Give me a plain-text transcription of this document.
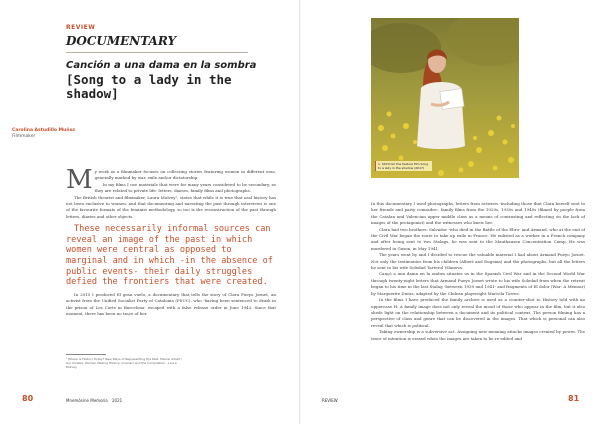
REVIEW
DOCUMENTARY
Canción a una dama en la sombra
[Song to a lady in the shadow]
Carolina Astudillo Muñoz
Filmmaker

My work as a filmmaker focuses on collecting stories featuring women in different eras, generally marked by war, exile and/or dictatorship.

In my films I use materials that were for many years considered to be secondary, as they are related to private life: letters, diaries, family films and photographs.

The British theorist and filmmaker, Laura Mulvey¹, states that while it is true that oral history has not been exclusive to women, and that documenting and narrating the past through interviews is one of the favourite formats of the feminist methodology, so too is the reconstruction of the past through letters, diaries and other objects.

These necessarily informal sources can reveal an image of the past in which women were central as opposed to marginal and in which -in the absence of public events- their daily struggles defied the frontiers that were created.

In 2015 I produced El gran vuelo, a documentary that tells the story of Clara Pueyo Jornet, an activist from the Unified Socialist Party of Catalonia (PSUC), who -having been sentenced to death in the prison of Les Corts in Barcelona- escaped with a false release order in June 1943. Since that moment, there has been no trace of her.

¹ Where Is History Today? New Ways of Representing the Past. Marcel Arbeit / Ian Christie. Women Making History: Gramsci and the Compilation · Laura Mulvey.
80	Mnemòsine Memoria 2021
1. Still from the feature film Song to a lady in the shadow (2017)

In this documentary I used photographs, letters from activists -including those that Clara herself sent to her friends and party comrades-, family films from the 1920s, 1930s and 1940s (filmed by people from the Catalan and Valencian upper middle class as a means of contrasting and reflecting on the lack of images of the protagonist) and the witnesses who knew her.

Clara had two brothers: Salvador -who died in the Battle of the Ebro- and Armand, who at the end of the Civil War began the route to take up exile in France. He enlisted as a worker in a French company and after being sent to two Stalags, he was sent to the Mauthausen Concentration Camp. He was murdered in Gusen, in May 1941.

The years went by and I decided to rescue the valuable material I had about Armand Pueyo Jornet. Not only the testimonies from his children (Albert and Eugenia) and the photographs, but all the letters he sent to his wife Soledad Tarterol Vilanova.

Cançó a una dama en la ombra situates us in the Spanish Civil War and in the Second World War through twenty-eight letters that Armand Pueyo Jornet wrote to his wife Soledad from when the retreat began to his time in the last Stalag -between 1939 and 1941- and fragments of El dolor (War: A Memoir) by Marguerite Duras, adapted by the Chilean playwright Marcela Torres.

In the films I have produced the family archive is used as a counter-shot to History told with an uppercase H. A family image does not only reveal the mood of those who appear in the film, but it also sheds light on the relationship between a document and its political context. The person filming has a perspective of class and genre that can be discovered in the images. That which is personal can also reveal that which is political.

Taking ownership is a subversive act. Assigning new meaning attacks images created by power. The trace of intention is erased when the images are taken to be re-edited and

REVIEW	81
